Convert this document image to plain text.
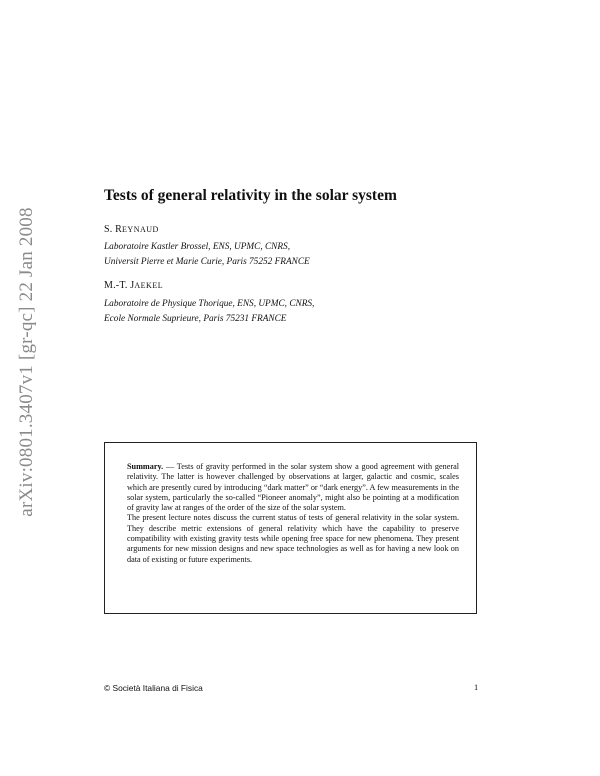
arXiv:0801.3407v1 [gr-qc] 22 Jan 2008
Tests of general relativity in the solar system
S. REYNAUD
Laboratoire Kastler Brossel, ENS, UPMC, CNRS,
Universit Pierre et Marie Curie, Paris 75252 FRANCE
M.-T. JAEKEL
Laboratoire de Physique Thorique, ENS, UPMC, CNRS,
Ecole Normale Suprieure, Paris 75231 FRANCE
Summary. — Tests of gravity performed in the solar system show a good agreement with general relativity. The latter is however challenged by observations at larger, galactic and cosmic, scales which are presently cured by introducing “dark matter” or “dark energy”. A few measurements in the solar system, particularly the so-called “Pioneer anomaly”, might also be pointing at a modification of gravity law at ranges of the order of the size of the solar system.
The present lecture notes discuss the current status of tests of general relativity in the solar system. They describe metric extensions of general relativity which have the capability to preserve compatibility with existing gravity tests while opening free space for new phenomena. They present arguments for new mission designs and new space technologies as well as for having a new look on data of existing or future experiments.
© Società Italiana di Fisica	1
